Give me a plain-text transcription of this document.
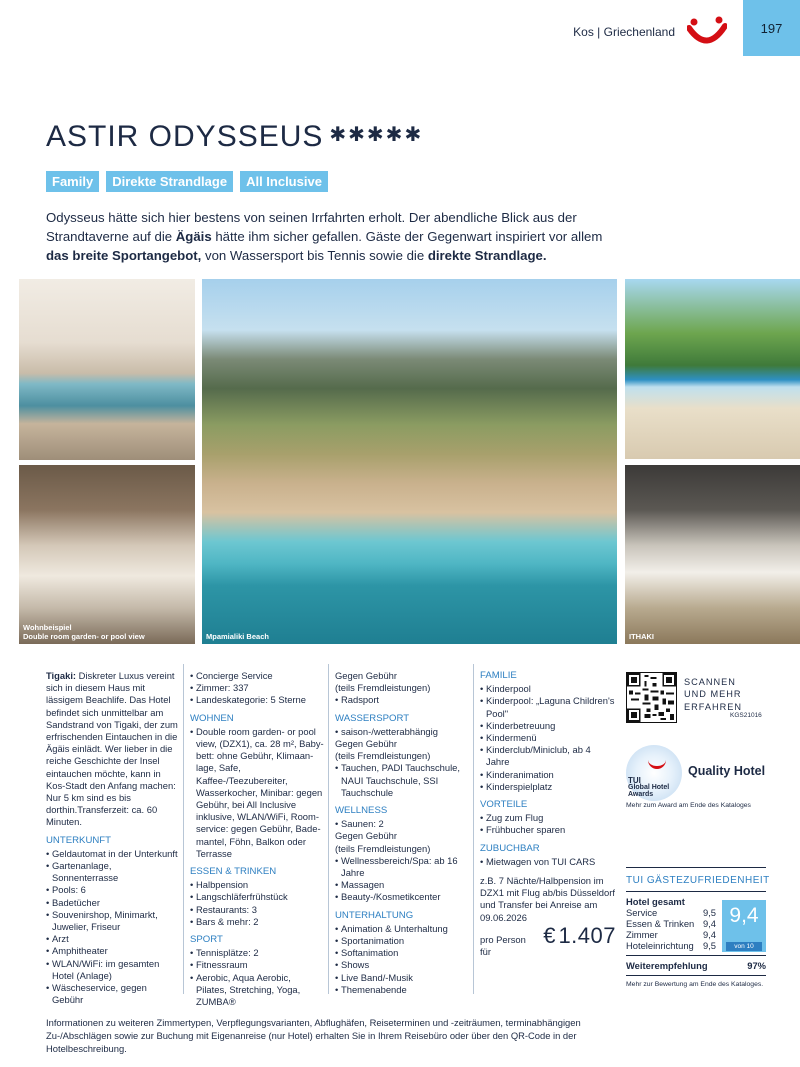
Kos | Griechenland	197
ASTIR ODYSSEUS ✱✱✱✱✱
Family	Direkte Strandlage	All Inclusive

Odysseus hätte sich hier bestens von seinen Irrfahrten erholt. Der abendliche Blick aus der Strandtaverne auf die Ägäis hätte ihm sicher gefallen. Gäste der Gegenwart inspiriert vor allem das breite Sportangebot, von Wassersport bis Tennis sowie die direkte Strandlage.

Wohnbeispiel
Double room garden- or pool view	Mpamialiki Beach	ITHAKI

Tigaki: Diskreter Luxus vereint sich in diesem Haus mit lässigem Beachlife. Das Hotel befindet sich unmittelbar am Sandstrand von Tigaki, der zum erfrischenden Eintauchen in die Ägäis einlädt. Wer lieber in die reiche Geschichte der Insel eintauchen möchte, kann in Kos-Stadt den Anfang machen: Nur 5 km sind es bis dorthin.Transferzeit: ca. 60 Minuten.

UNTERKUNFT
• Geldautomat in der Unterkunft
• Gartenanlage, Sonnenterrasse
• Pools: 6
• Badetücher
• Souvenirshop, Minimarkt, Juwelier, Friseur
• Arzt
• Amphitheater
• WLAN/WiFi: im gesamten Hotel (Anlage)
• Wäscheservice, gegen Gebühr
• Concierge Service
• Zimmer: 337
• Landeskategorie: 5 Sterne
WOHNEN
• Double room garden- or pool view, (DZX1), ca. 28 m², Babybett: ohne Gebühr, Klimaanlage, Safe, Kaffee-/Teezubereiter, Wasserkocher, Minibar: gegen Gebühr, bei All Inclusive inklusive, WLAN/WiFi, Roomservice: gegen Gebühr, Bademantel, Föhn, Balkon oder Terrasse
ESSEN & TRINKEN
• Halbpension
• Langschläferfrühstück
• Restaurants: 3
• Bars & mehr: 2
SPORT
• Tennisplätze: 2
• Fitnessraum
• Aerobic, Aqua Aerobic, Pilates, Stretching, Yoga, ZUMBA®

Gegen Gebühr

(teils Fremdleistungen)

• Radsport
WASSERSPORT
• saison-/wetterabhängig
Gegen Gebühr
(teils Fremdleistungen)
• Tauchen, PADI Tauchschule, NAUI Tauchschule, SSI Tauchschule
WELLNESS
• Saunen: 2
Gegen Gebühr
(teils Fremdleistungen)
• Wellnessbereich/Spa: ab 16 Jahre
• Massagen
• Beauty-/Kosmetikcenter
UNTERHALTUNG
• Animation & Unterhaltung
• Sportanimation
• Softanimation
• Shows
• Live Band/-Musik
• Themenabende
FAMILIE
• Kinderpool
• Kinderpool: „Laguna Children's Pool"
• Kinderbetreuung
• Kindermenü
• Kinderclub/Miniclub, ab 4 Jahre
• Kinderanimation
• Kinderspielplatz
VORTEILE
• Zug zum Flug
• Frühbucher sparen
ZUBUCHBAR
• Mietwagen von TUI CARS

z.B. 7 Nächte/Halbpension im DZX1 mit Flug ab/bis Düsseldorf und Transfer bei Anreise am 09.06.2026

pro Person für
€ 1.407
SCANNEN
UND MEHR
ERFAHREN
KGS21016
TUI
Global Hotel
Awards
Quality Hotel
Mehr zum Award am Ende des Kataloges
TUI GÄSTEZUFRIEDENHEIT
Hotel gesamt
Service	9,5
Essen & Trinken 9,4
Zimmer	9,4
Hoteleinrichtung 9,5
9,4
von 10
Weiterempfehlung	97%
Mehr zur Bewertung am Ende des Kataloges.
Informationen zu weiteren Zimmertypen, Verpflegungsvarianten, Abflughäfen, Reiseterminen und -zeiträumen, terminabhängigen Zu-/Abschlägen sowie zur Buchung mit Eigenanreise (nur Hotel) erhalten Sie in Ihrem Reisebüro oder über den QR-Code in der Hotelbeschreibung.
